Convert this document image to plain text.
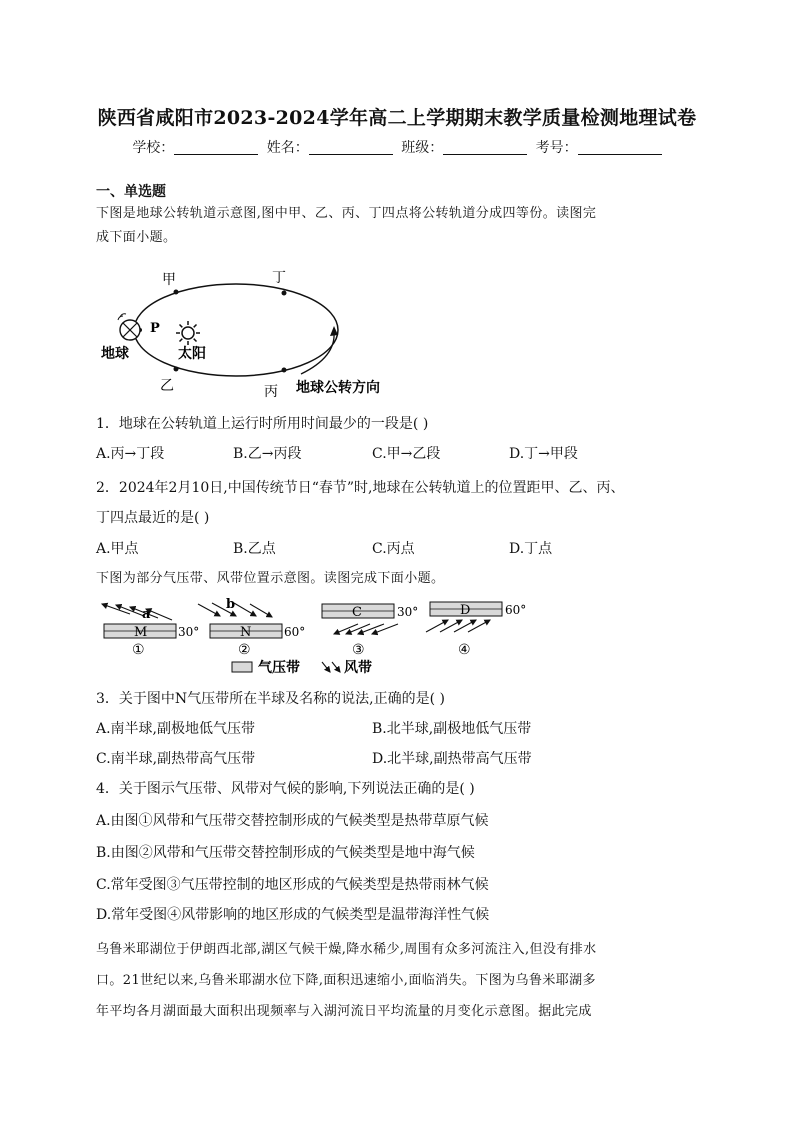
陕西省咸阳市2023-2024学年高二上学期期末教学质量检测地理试卷
学校：	姓名：	班级：	考号：
一、单选题
下图是地球公转轨道示意图,图中甲、乙、丙、丁四点将公转轨道分成四等份。读图完
成下面小题。
甲	丁
乙	丙
P
地球	太阳
地球公转方向
1．地球在公转轨道上运行时所用时间最少的一段是( )
A.丙→丁段	B.乙→丙段	C.甲→乙段	D.丁→甲段
2．2024年2月10日,中国传统节日“春节”时,地球在公转轨道上的位置距甲、乙、丙、
丁四点最近的是( )
A.甲点	B.乙点	C.丙点	D.丁点
下图为部分气压带、风带位置示意图。读图完成下面小题。
a
M	30°
①
b
N	60°
②
C	30°
③
D	60°
④
气压带	风带
3．关于图中N气压带所在半球及名称的说法,正确的是( )
A.南半球,副极地低气压带	B.北半球,副极地低气压带
C.南半球,副热带高气压带	D.北半球,副热带高气压带
4．关于图示气压带、风带对气候的影响,下列说法正确的是( )
A.由图①风带和气压带交替控制形成的气候类型是热带草原气候
B.由图②风带和气压带交替控制形成的气候类型是地中海气候
C.常年受图③气压带控制的地区形成的气候类型是热带雨林气候
D.常年受图④风带影响的地区形成的气候类型是温带海洋性气候
乌鲁米耶湖位于伊朗西北部,湖区气候干燥,降水稀少,周围有众多河流注入,但没有排水
口。21世纪以来,乌鲁米耶湖水位下降,面积迅速缩小,面临消失。下图为乌鲁米耶湖多
年平均各月湖面最大面积出现频率与入湖河流日平均流量的月变化示意图。据此完成
